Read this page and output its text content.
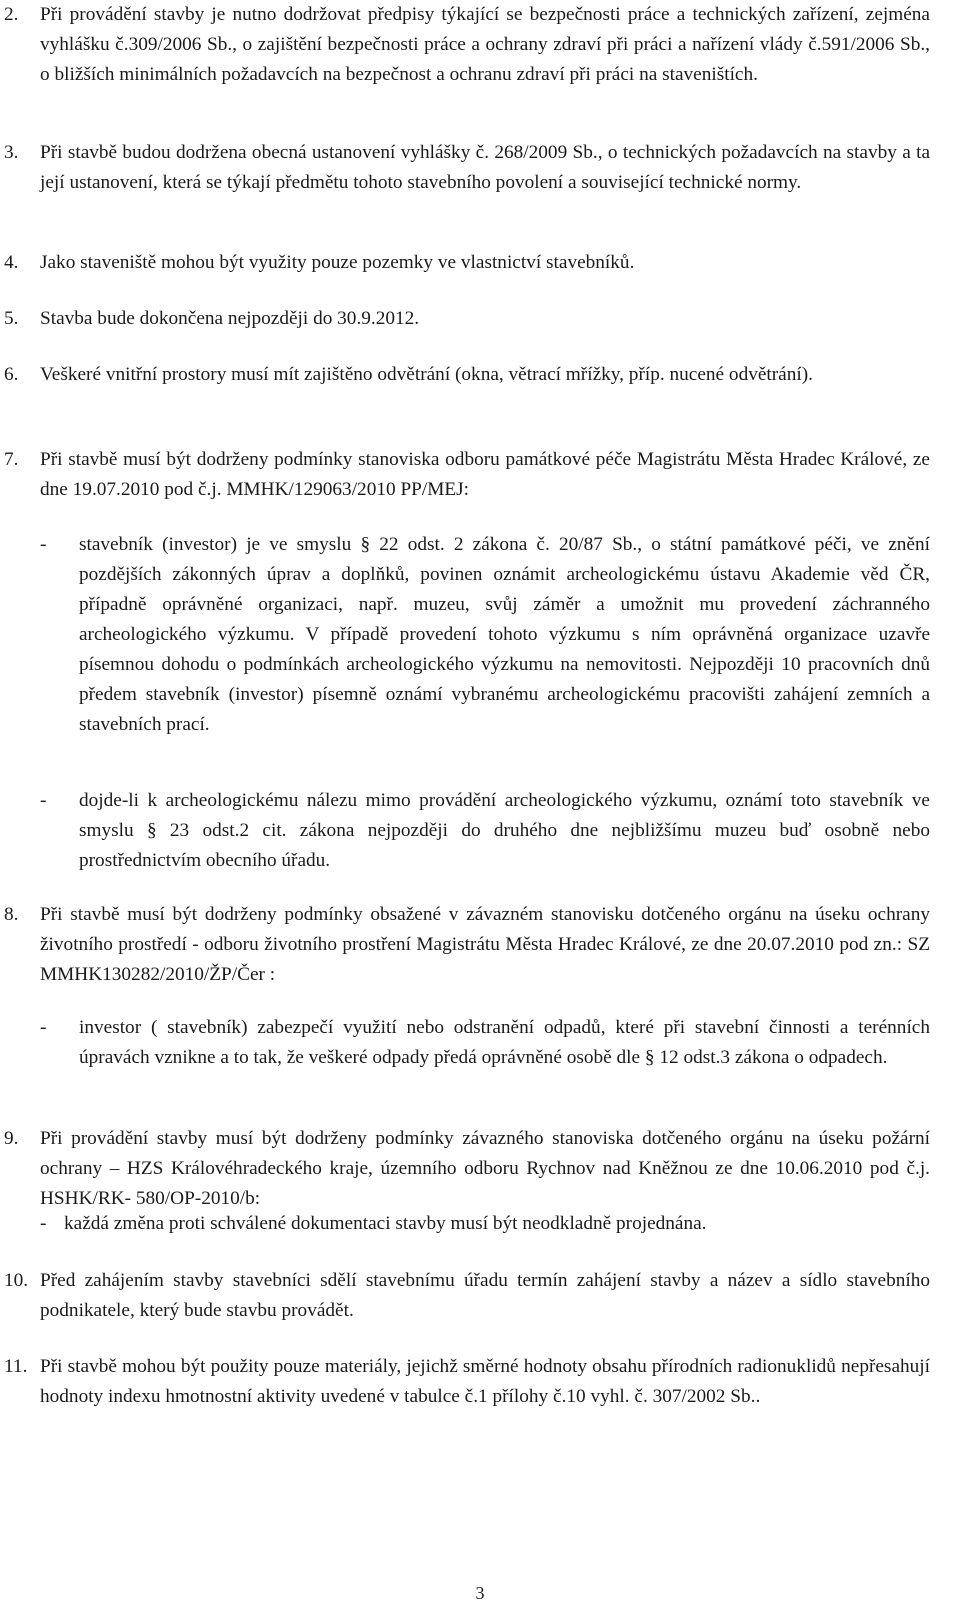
2. Při provádění stavby je nutno dodržovat předpisy týkající se bezpečnosti práce a technických zařízení, zejména vyhlášku č.309/2006 Sb., o zajištění bezpečnosti práce a ochrany zdraví při práci a nařízení vlády č.591/2006 Sb., o bližších minimálních požadavcích na bezpečnost a ochranu zdraví při práci na staveništích.
3. Při stavbě budou dodržena obecná ustanovení vyhlášky č. 268/2009 Sb., o technických požadavcích na stavby a ta její ustanovení, která se týkají předmětu tohoto stavebního povolení a související technické normy.
4. Jako staveniště mohou být využity pouze pozemky ve vlastnictví stavebníků.
5. Stavba bude dokončena nejpozději do 30.9.2012.
6. Veškeré vnitřní prostory musí mít zajištěno odvětrání (okna, větrací mřížky, příp. nucené odvětrání).
7. Při stavbě musí být dodrženy podmínky stanoviska odboru památkové péče Magistrátu Města Hradec Králové, ze dne 19.07.2010 pod č.j. MMHK/129063/2010 PP/MEJ:
- stavebník (investor) je ve smyslu § 22 odst. 2 zákona č. 20/87 Sb., o státní památkové péči, ve znění pozdějších zákonných úprav a doplňků, povinen oznámit archeologickému ústavu Akademie věd ČR, případně oprávněné organizaci, např. muzeu, svůj záměr a umožnit mu provedení záchranného archeologického výzkumu. V případě provedení tohoto výzkumu s ním oprávněná organizace uzavře písemnou dohodu o podmínkách archeologického výzkumu na nemovitosti. Nejpozději 10 pracovních dnů předem stavebník (investor) písemně oznámí vybranému archeologickému pracovišti zahájení zemních a stavebních prací.
- dojde-li k archeologickému nálezu mimo provádění archeologického výzkumu, oznámí toto stavebník ve smyslu § 23 odst.2 cit. zákona nejpozději do druhého dne nejbližšímu muzeu buď osobně nebo prostřednictvím obecního úřadu.
8. Při stavbě musí být dodrženy podmínky obsažené v závazném stanovisku dotčeného orgánu na úseku ochrany životního prostředí - odboru životního prostření Magistrátu Města Hradec Králové, ze dne 20.07.2010 pod zn.: SZ MMHK130282/2010/ŽP/Čer :
- investor ( stavebník) zabezpečí využití nebo odstranění odpadů, které při stavební činnosti a terénních úpravách vznikne a to tak, že veškeré odpady předá oprávněné osobě dle § 12 odst.3 zákona o odpadech.
9. Při provádění stavby musí být dodrženy podmínky závazného stanoviska dotčeného orgánu na úseku požární ochrany – HZS Královéhradeckého kraje, územního odboru Rychnov nad Kněžnou ze dne 10.06.2010 pod č.j. HSHK/RK- 580/OP-2010/b:
- každá změna proti schválené dokumentaci stavby musí být neodkladně projednána.
10. Před zahájením stavby stavebníci sdělí stavebnímu úřadu termín zahájení stavby a název a sídlo stavebního podnikatele, který bude stavbu provádět.
11. Při stavbě mohou být použity pouze materiály, jejichž směrné hodnoty obsahu přírodních radionuklidů nepřesahují hodnoty indexu hmotnostní aktivity uvedené v tabulce č.1 přílohy č.10 vyhl. č. 307/2002 Sb..
3
